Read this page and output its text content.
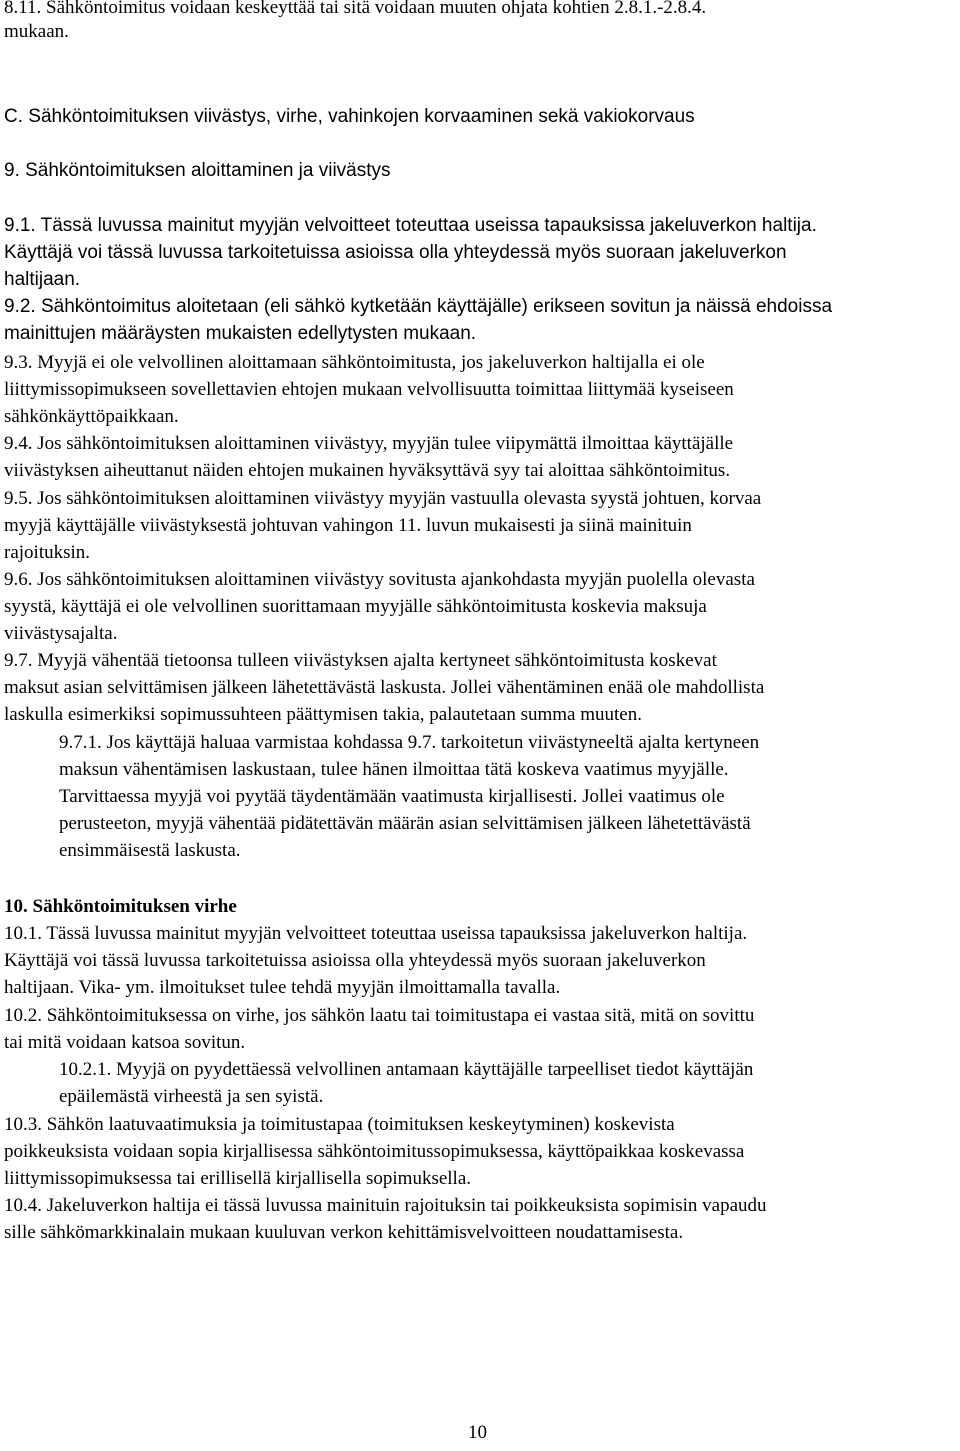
8.11. Sähköntoimitus voidaan keskeyttää tai sitä voidaan muuten ohjata kohtien 2.8.1.-2.8.4.
mukaan.
C. Sähköntoimituksen viivästys, virhe, vahinkojen korvaaminen sekä vakiokorvaus
9. Sähköntoimituksen aloittaminen ja viivästys
9.1. Tässä luvussa mainitut myyjän velvoitteet toteuttaa useissa tapauksissa jakeluverkon haltija.
Käyttäjä voi tässä luvussa tarkoitetuissa asioissa olla yhteydessä myös suoraan jakeluverkon
haltijaan.
9.2. Sähköntoimitus aloitetaan (eli sähkö kytketään käyttäjälle) erikseen sovitun ja näissä ehdoissa
mainittujen määräysten mukaisten edellytysten mukaan.
9.3. Myyjä ei ole velvollinen aloittamaan sähköntoimitusta, jos jakeluverkon haltijalla ei ole
liittymissopimukseen sovellettavien ehtojen mukaan velvollisuutta toimittaa liittymää kyseiseen
sähkönkäyttöpaikkaan.
9.4. Jos sähköntoimituksen aloittaminen viivästyy, myyjän tulee viipymättä ilmoittaa käyttäjälle
viivästyksen aiheuttanut näiden ehtojen mukainen hyväksyttävä syy tai aloittaa sähköntoimitus.
9.5. Jos sähköntoimituksen aloittaminen viivästyy myyjän vastuulla olevasta syystä johtuen, korvaa
myyjä käyttäjälle viivästyksestä johtuvan vahingon 11. luvun mukaisesti ja siinä mainituin
rajoituksin.
9.6. Jos sähköntoimituksen aloittaminen viivästyy sovitusta ajankohdasta myyjän puolella olevasta
syystä, käyttäjä ei ole velvollinen suorittamaan myyjälle sähköntoimitusta koskevia maksuja
viivästysajalta.
9.7. Myyjä vähentää tietoonsa tulleen viivästyksen ajalta kertyneet sähköntoimitusta koskevat
maksut asian selvittämisen jälkeen lähetettävästä laskusta. Jollei vähentäminen enää ole mahdollista
laskulla esimerkiksi sopimussuhteen päättymisen takia, palautetaan summa muuten.
9.7.1. Jos käyttäjä haluaa varmistaa kohdassa 9.7. tarkoitetun viivästyneeltä ajalta kertyneen
maksun vähentämisen laskustaan, tulee hänen ilmoittaa tätä koskeva vaatimus myyjälle.
Tarvittaessa myyjä voi pyytää täydentämään vaatimusta kirjallisesti. Jollei vaatimus ole
perusteeton, myyjä vähentää pidätettävän määrän asian selvittämisen jälkeen lähetettävästä
ensimmäisestä laskusta.
10. Sähköntoimituksen virhe
10.1. Tässä luvussa mainitut myyjän velvoitteet toteuttaa useissa tapauksissa jakeluverkon haltija.
Käyttäjä voi tässä luvussa tarkoitetuissa asioissa olla yhteydessä myös suoraan jakeluverkon
haltijaan. Vika- ym. ilmoitukset tulee tehdä myyjän ilmoittamalla tavalla.
10.2. Sähköntoimituksessa on virhe, jos sähkön laatu tai toimitustapa ei vastaa sitä, mitä on sovittu
tai mitä voidaan katsoa sovitun.
10.2.1. Myyjä on pyydettäessä velvollinen antamaan käyttäjälle tarpeelliset tiedot käyttäjän
epäilemästä virheestä ja sen syistä.
10.3. Sähkön laatuvaatimuksia ja toimitustapaa (toimituksen keskeytyminen) koskevista
poikkeuksista voidaan sopia kirjallisessa sähköntoimitussopimuksessa, käyttöpaikkaa koskevassa
liittymissopimuksessa tai erillisellä kirjallisella sopimuksella.
10.4. Jakeluverkon haltija ei tässä luvussa mainituin rajoituksin tai poikkeuksista sopimisin vapaudu
sille sähkömarkkinalain mukaan kuuluvan verkon kehittämisvelvoitteen noudattamisesta.
10
